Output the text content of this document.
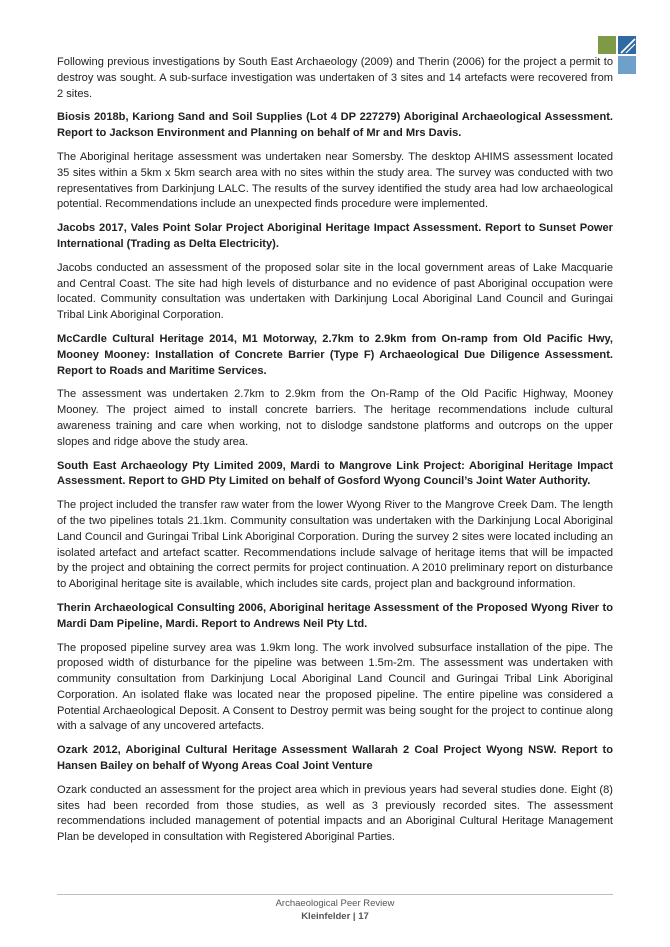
Following previous investigations by South East Archaeology (2009) and Therin (2006) for the project a permit to destroy was sought. A sub-surface investigation was undertaken of 3 sites and 14 artefacts were recovered from 2 sites.

Biosis 2018b, Kariong Sand and Soil Supplies (Lot 4 DP 227279) Aboriginal Archaeological Assessment. Report to Jackson Environment and Planning on behalf of Mr and Mrs Davis.

The Aboriginal heritage assessment was undertaken near Somersby. The desktop AHIMS assessment located 35 sites within a 5km x 5km search area with no sites within the study area. The survey was conducted with two representatives from Darkinjung LALC. The results of the survey identified the study area had low archaeological potential. Recommendations include an unexpected finds procedure were implemented.

Jacobs 2017, Vales Point Solar Project Aboriginal Heritage Impact Assessment. Report to Sunset Power International (Trading as Delta Electricity).

Jacobs conducted an assessment of the proposed solar site in the local government areas of Lake Macquarie and Central Coast. The site had high levels of disturbance and no evidence of past Aboriginal occupation were located. Community consultation was undertaken with Darkinjung Local Aboriginal Land Council and Guringai Tribal Link Aboriginal Corporation.

McCardle Cultural Heritage 2014, M1 Motorway, 2.7km to 2.9km from On-ramp from Old Pacific Hwy, Mooney Mooney: Installation of Concrete Barrier (Type F) Archaeological Due Diligence Assessment. Report to Roads and Maritime Services.

The assessment was undertaken 2.7km to 2.9km from the On-Ramp of the Old Pacific Highway, Mooney Mooney. The project aimed to install concrete barriers. The heritage recommendations include cultural awareness training and care when working, not to dislodge sandstone platforms and outcrops on the upper slopes and ridge above the study area.

South East Archaeology Pty Limited 2009, Mardi to Mangrove Link Project: Aboriginal Heritage Impact Assessment. Report to GHD Pty Limited on behalf of Gosford Wyong Council’s Joint Water Authority.

The project included the transfer raw water from the lower Wyong River to the Mangrove Creek Dam. The length of the two pipelines totals 21.1km. Community consultation was undertaken with the Darkinjung Local Aboriginal Land Council and Guringai Tribal Link Aboriginal Corporation. During the survey 2 sites were located including an isolated artefact and artefact scatter. Recommendations include salvage of heritage items that will be impacted by the project and obtaining the correct permits for project continuation. A 2010 preliminary report on disturbance to Aboriginal heritage site is available, which includes site cards, project plan and background information.

Therin Archaeological Consulting 2006, Aboriginal heritage Assessment of the Proposed Wyong River to Mardi Dam Pipeline, Mardi. Report to Andrews Neil Pty Ltd.

The proposed pipeline survey area was 1.9km long. The work involved subsurface installation of the pipe. The proposed width of disturbance for the pipeline was between 1.5m-2m. The assessment was undertaken with community consultation from Darkinjung Local Aboriginal Land Council and Guringai Tribal Link Aboriginal Corporation. An isolated flake was located near the proposed pipeline. The entire pipeline was considered a Potential Archaeological Deposit. A Consent to Destroy permit was being sought for the project to continue along with a salvage of any uncovered artefacts.

Ozark 2012, Aboriginal Cultural Heritage Assessment Wallarah 2 Coal Project Wyong NSW. Report to Hansen Bailey on behalf of Wyong Areas Coal Joint Venture

Ozark conducted an assessment for the project area which in previous years had several studies done. Eight (8) sites had been recorded from those studies, as well as 3 previously recorded sites. The assessment recommendations included management of potential impacts and an Aboriginal Cultural Heritage Management Plan be developed in consultation with Registered Aboriginal Parties.

Archaeological Peer Review
Kleinfelder | 17
